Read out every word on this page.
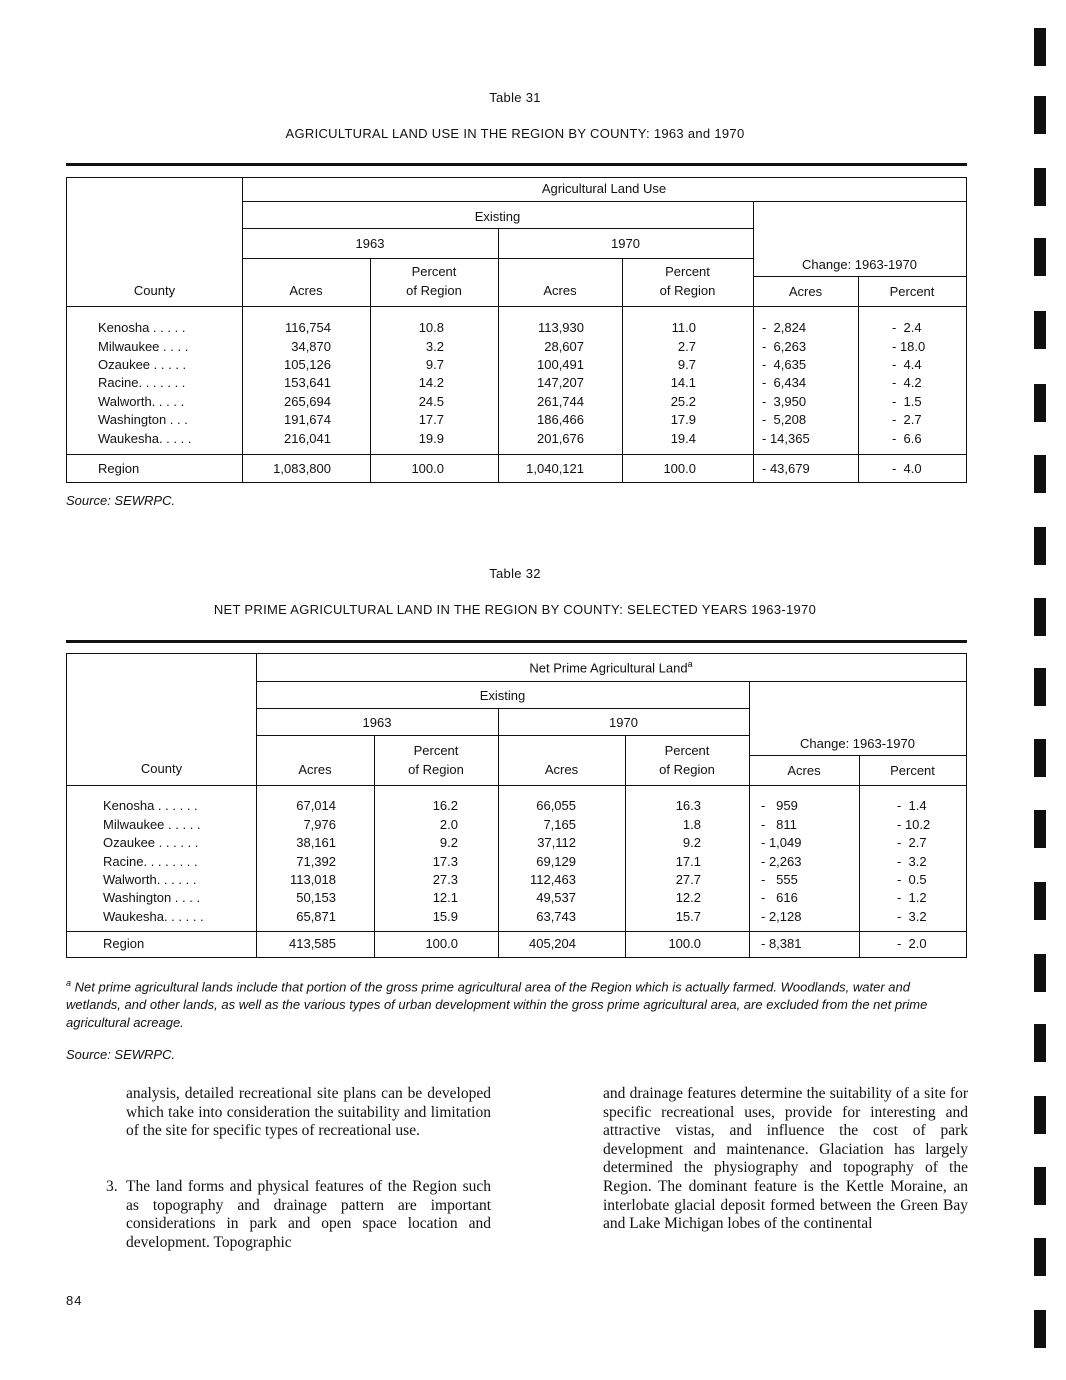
Table 31
AGRICULTURAL LAND USE IN THE REGION BY COUNTY: 1963 and 1970
Agricultural Land Use
Existing
1963	1970
Change: 1963-1970
County	Acres
Percent
of Region	Acres
Percent
of Region	Acres	Percent
Kenosha . . . . .	116,754	10.8	113,930	11.0	-  2,824	-  2.4
Milwaukee . . . .	34,870	3.2	28,607	2.7	-  6,263	- 18.0
Ozaukee . . . . .	105,126	9.7	100,491	9.7	-  4,635	-  4.4
Racine. . . . . . .	153,641	14.2	147,207	14.1	-  6,434	-  4.2
Walworth. . . . .	265,694	24.5	261,744	25.2	-  3,950	-  1.5
Washington . . .	191,674	17.7	186,466	17.9	-  5,208	-  2.7
Waukesha. . . . .	216,041	19.9	201,676	19.4	- 14,365	-  6.6
Region	1,083,800	100.0	1,040,121	100.0	- 43,679	-  4.0
Source: SEWRPC.
Table 32
NET PRIME AGRICULTURAL LAND IN THE REGION BY COUNTY: SELECTED YEARS 1963-1970
Net Prime Agricultural Land$^a$
Existing
1963	1970
Change: 1963-1970
County	Acres
Percent
of Region	Acres
Percent
of Region	Acres	Percent
Kenosha . . . . . .	67,014	16.2	66,055	16.3	-   959	-  1.4
Milwaukee . . . . .	7,976	2.0	7,165	1.8	-   811	- 10.2
Ozaukee . . . . . .	38,161	9.2	37,112	9.2	- 1,049	-  2.7
Racine. . . . . . . .	71,392	17.3	69,129	17.1	- 2,263	-  3.2
Walworth. . . . . .	113,018	27.3	112,463	27.7	-   555	-  0.5
Washington . . . .	50,153	12.1	49,537	12.2	-   616	-  1.2
Waukesha. . . . . .	65,871	15.9	63,743	15.7	- 2,128	-  3.2
Region	413,585	100.0	405,204	100.0	- 8,381	-  2.0
$^a$ Net prime agricultural lands include that portion of the gross prime agricultural area of the Region which is actually farmed. Woodlands, water and wetlands, and other lands, as well as the various types of urban development within the gross prime agricultural area, are excluded from the net prime agricultural acreage.
Source: SEWRPC.
analysis, detailed recreational site plans can be developed which take into consideration the suitability and limitation of the site for specific types of recreational use.
3. The land forms and physical features of the Region such as topography and drainage pattern are important considerations in park and open space location and development. Topographic
and drainage features determine the suitability of a site for specific recreational uses, provide for interesting and attractive vistas, and influence the cost of park development and maintenance. Glaciation has largely determined the physiography and topography of the Region. The dominant feature is the Kettle Moraine, an interlobate glacial deposit formed between the Green Bay and Lake Michigan lobes of the continental
84
